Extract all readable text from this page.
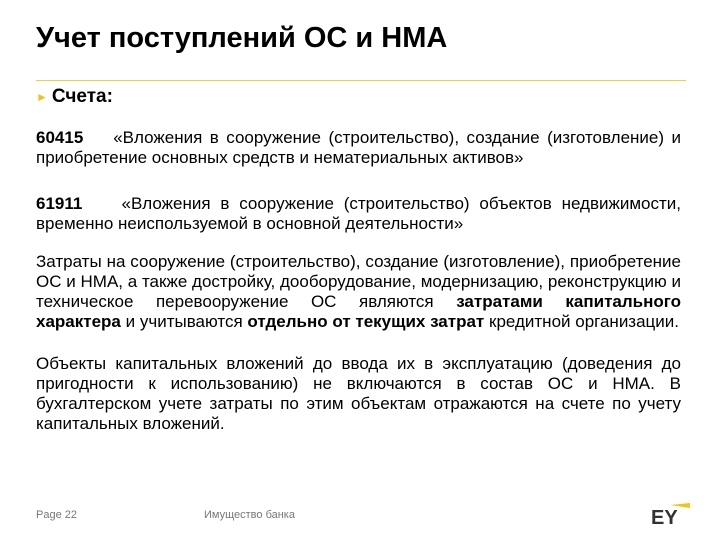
Учет поступлений ОС и НМА
► Счета:

60415 «Вложения в сооружение (строительство), создание (изготовление) и приобретение основных средств и нематериальных активов»

61911 «Вложения в сооружение (строительство) объектов недвижимости, временно неиспользуемой в основной деятельности»

Затраты на сооружение (строительство), создание (изготовление), приобретение ОС и НМА, а также достройку, дооборудование, модернизацию, реконструкцию и техническое перевооружение ОС являются затратами капитального характера и учитываются отдельно от текущих затрат кредитной организации.

Объекты капитальных вложений до ввода их в эксплуатацию (доведения до пригодности к использованию) не включаются в состав ОС и НМА. В бухгалтерском учете затраты по этим объектам отражаются на счете по учету капитальных вложений.

Page 22	Имущество банка	EY
